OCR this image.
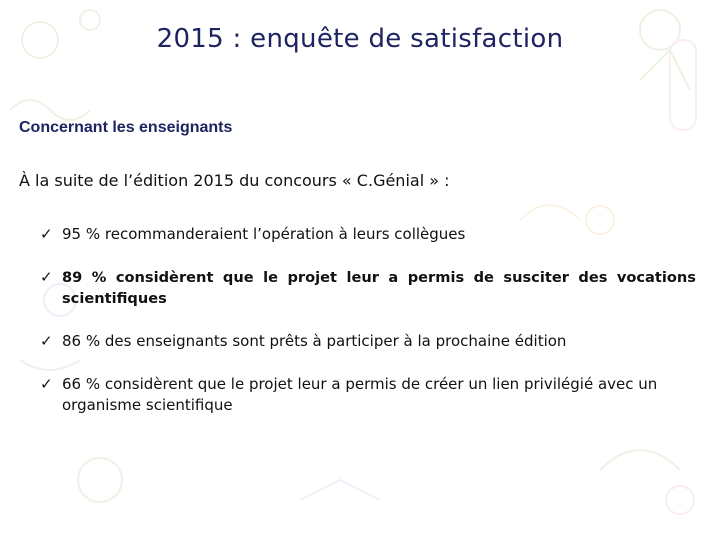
2015 : enquête de satisfaction
Concernant les enseignants
À la suite de l’édition 2015 du concours « C.Génial » :
✓ 95 % recommanderaient l’opération à leurs collègues
✓ 89 % considèrent que le projet leur a permis de susciter des vocations scientifiques
✓ 86 % des enseignants sont prêts à participer à la prochaine édition
✓ 66 % considèrent que le projet leur a permis de créer un lien privilégié avec un organisme scientifique
